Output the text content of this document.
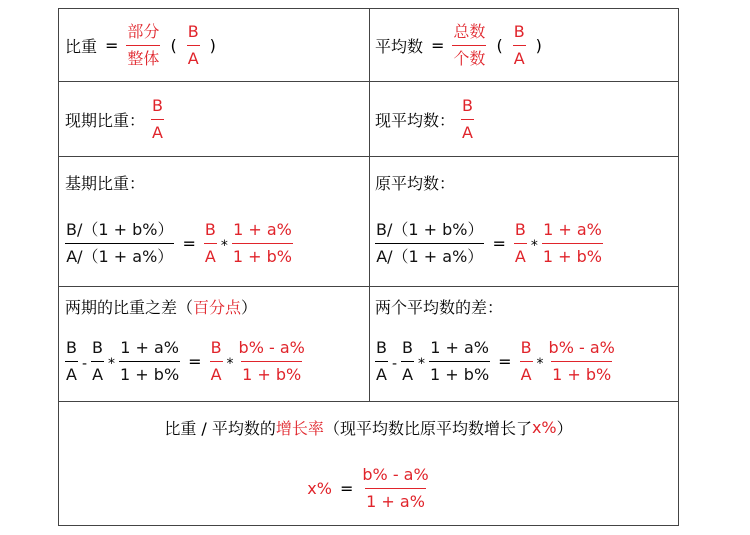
比重 = $\frac{\text{部分}}{\text{整体}}$ ( $\frac{B}{A}$ )	平均数 = $\frac{\text{总数}}{\text{个数}}$ ( $\frac{B}{A}$ )
现期比重： $\frac{B}{A}$	现平均数： $\frac{B}{A}$
基期比重：
$\frac{B/(1 + b\%)}{A/(1 + a\%)} = \frac{B}{A} * \frac{1 + a\%}{1 + b\%}$
原平均数：
$\frac{B/(1 + b\%)}{A/(1 + a\%)} = \frac{B}{A} * \frac{1 + a\%}{1 + b\%}$
两期的比重之差（ 百分点 ）
$\frac{B}{A} - \frac{B}{A} * \frac{1 + a\%}{1 + b\%} = \frac{B}{A} * \frac{b\% - a\%}{1 + b\%}$
两个平均数的差：
$\frac{B}{A} - \frac{B}{A} * \frac{1 + a\%}{1 + b\%} = \frac{B}{A} * \frac{b\% - a\%}{1 + b\%}$
比重 / 平均数的 增长率 （现平均数比原平均数增长了 x% ）
$x\% = \frac{b\% - a\%}{1 + a\%}$
